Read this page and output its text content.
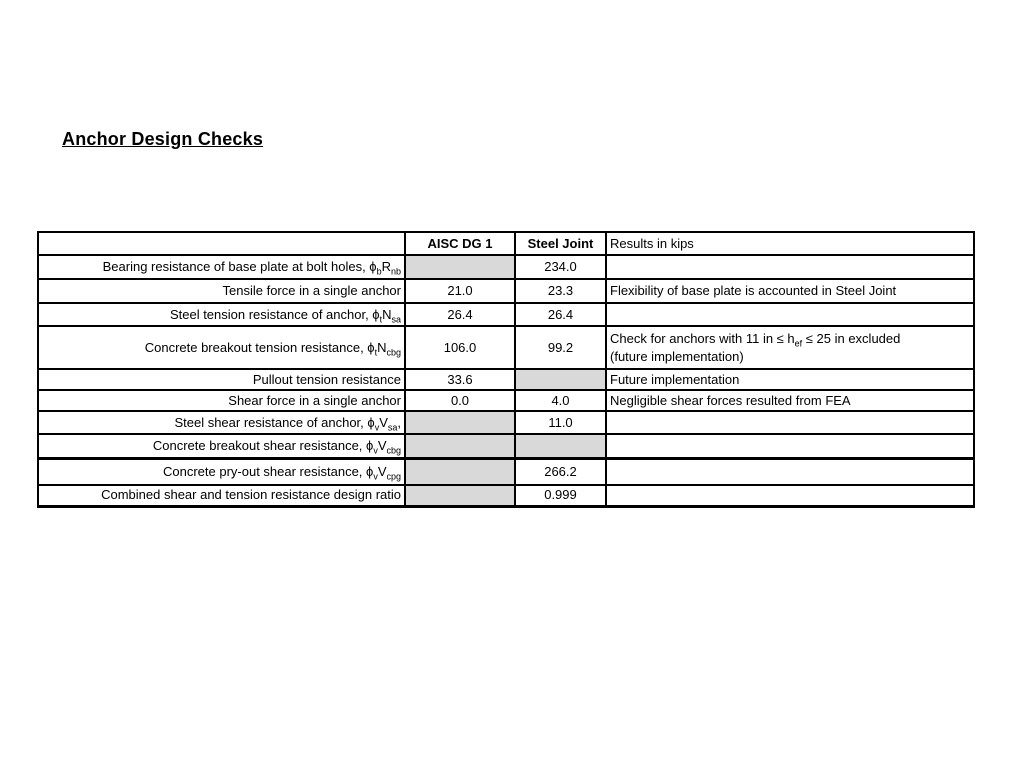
Anchor Design Checks
	AISC DG 1	Steel Joint	Results in kips
Bearing resistance of base plate at bolt holes, $\phi_bR_{nb}$		234.0	
Tensile force in a single anchor	21.0	23.3	Flexibility of base plate is accounted in Steel Joint
Steel tension resistance of anchor, $\phi_tN_{sa}$	26.4	26.4	
Concrete breakout tension resistance, $\phi_tN_{cbg}$	106.0	99.2	Check for anchors with 11 in ≤ $h_{ef} \le 25$ in excluded
(future implementation)
Pullout tension resistance	33.6		Future implementation
Shear force in a single anchor	0.0	4.0	Negligible shear forces resulted from FEA
Steel shear resistance of anchor, $\phi_vV_{sa}$,		11.0	
Concrete breakout shear resistance, $\phi_vV_{cbg}$			
Concrete pry-out shear resistance, $\phi_vV_{cpg}$		266.2	
Combined shear and tension resistance design ratio		0.999	
